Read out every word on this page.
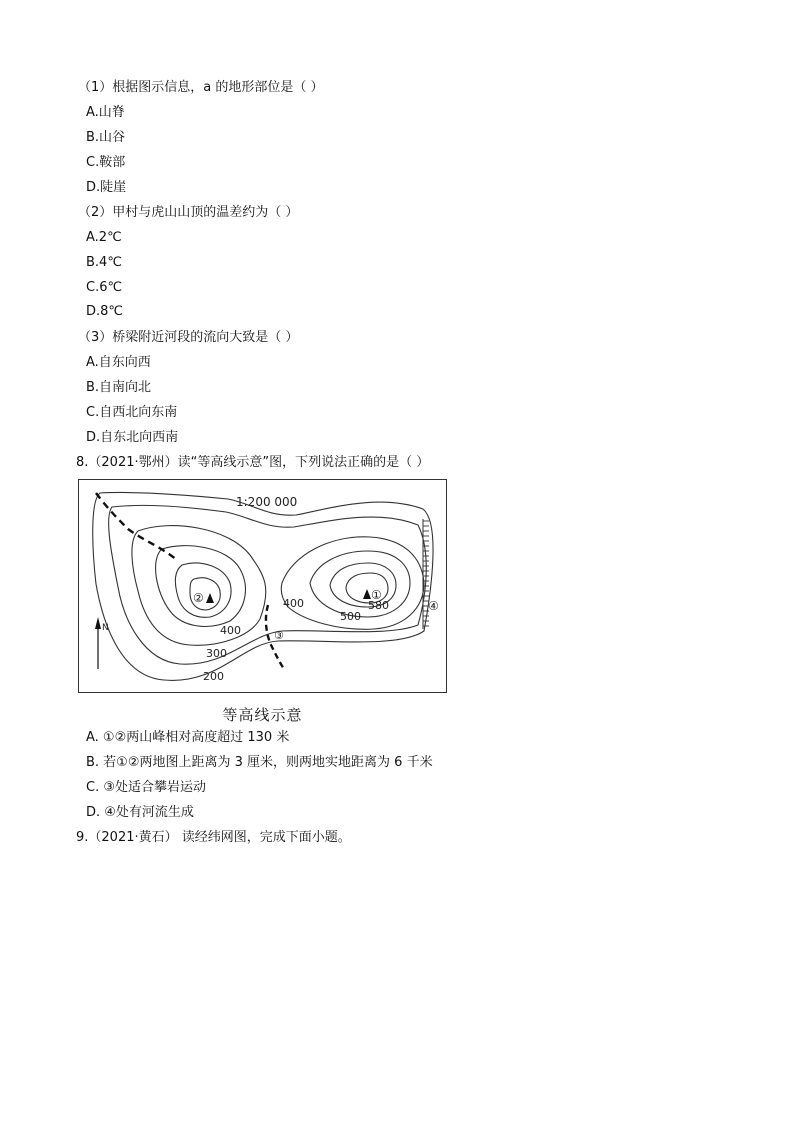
（1）根据图示信息，a 的地形部位是（ ）
A.山脊
B.山谷
C.鞍部
D.陡崖
（2）甲村与虎山山顶的温差约为（ ）
A.2℃
B.4℃
C.6℃
D.8℃
（3）桥梁附近河段的流向大致是（ ）
A.自东向西
B.自南向北
C.自西北向东南
D.自东北向西南
8.（2021·鄂州）读“等高线示意”图，下列说法正确的是（ ）
N
1:200 000
200
300
400
400
500
580
①
②
③
④
等高线示意
A. ①②两山峰相对高度超过 130 米
B. 若①②两地图上距离为 3 厘米，则两地实地距离为 6 千米
C. ③处适合攀岩运动
D. ④处有河流生成
9.（2021·黄石） 读经纬网图，完成下面小题。
